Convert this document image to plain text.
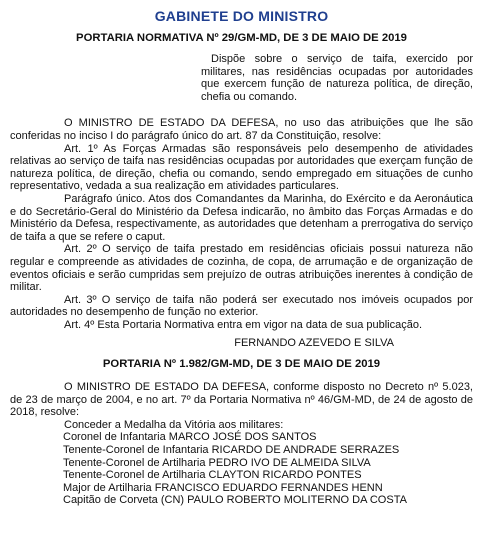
GABINETE DO MINISTRO
PORTARIA NORMATIVA Nº 29/GM-MD, DE 3 DE MAIO DE 2019
Dispõe sobre o serviço de taifa, exercido por militares, nas residências ocupadas por autoridades que exercem função de natureza política, de direção, chefia ou comando.

O MINISTRO DE ESTADO DA DEFESA, no uso das atribuições que lhe são conferidas no inciso I do parágrafo único do art. 87 da Constituição, resolve:

Art. 1º As Forças Armadas são responsáveis pelo desempenho de atividades relativas ao serviço de taifa nas residências ocupadas por autoridades que exerçam função de natureza política, de direção, chefia ou comando, sendo empregado em situações de cunho representativo, vedada a sua realização em atividades particulares.

Parágrafo único. Atos dos Comandantes da Marinha, do Exército e da Aeronáutica e do Secretário-Geral do Ministério da Defesa indicarão, no âmbito das Forças Armadas e do Ministério da Defesa, respectivamente, as autoridades que detenham a prerrogativa do serviço de taifa a que se refere o caput.

Art. 2º O serviço de taifa prestado em residências oficiais possui natureza não regular e compreende as atividades de cozinha, de copa, de arrumação e de organização de eventos oficiais e serão cumpridas sem prejuízo de outras atribuições inerentes à condição de militar.

Art. 3º O serviço de taifa não poderá ser executado nos imóveis ocupados por autoridades no desempenho de função no exterior.

Art. 4º Esta Portaria Normativa entra em vigor na data de sua publicação.

FERNANDO AZEVEDO E SILVA
PORTARIA Nº 1.982/GM-MD, DE 3 DE MAIO DE 2019

O MINISTRO DE ESTADO DA DEFESA, conforme disposto no Decreto nº 5.023, de 23 de março de 2004, e no art. 7º da Portaria Normativa nº 46/GM-MD, de 24 de agosto de 2018, resolve:

Conceder a Medalha da Vitória aos militares:

Coronel de Infantaria MARCO JOSÉ DOS SANTOS
Tenente-Coronel de Infantaria RICARDO DE ANDRADE SERRAZES
Tenente-Coronel de Artilharia PEDRO IVO DE ALMEIDA SILVA
Tenente-Coronel de Artilharia CLAYTON RICARDO PONTES
Major de Artilharia FRANCISCO EDUARDO FERNANDES HENN
Capitão de Corveta (CN) PAULO ROBERTO MOLITERNO DA COSTA
